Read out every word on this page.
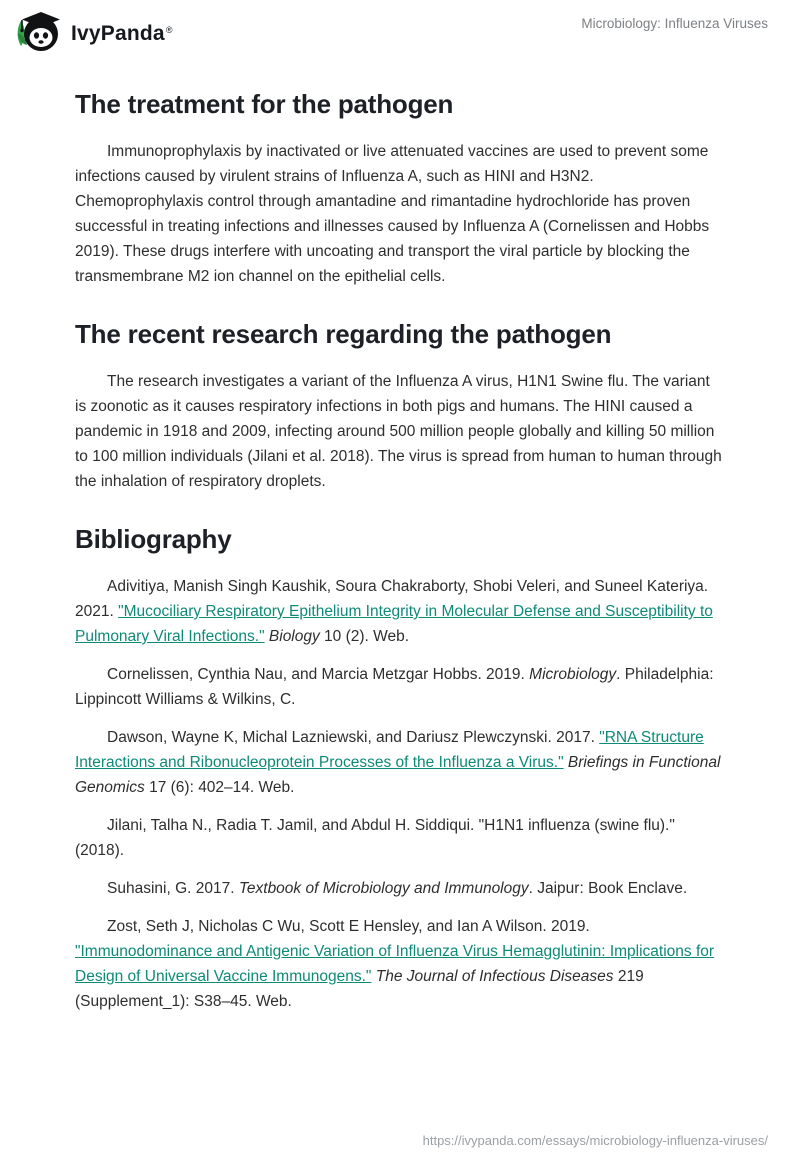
IvyPanda®	Microbiology: Influenza Viruses
The treatment for the pathogen

Immunoprophylaxis by inactivated or live attenuated vaccines are used to prevent some infections caused by virulent strains of Influenza A, such as HINI and H3N2. Chemoprophylaxis control through amantadine and rimantadine hydrochloride has proven successful in treating infections and illnesses caused by Influenza A (Cornelissen and Hobbs 2019). These drugs interfere with uncoating and transport the viral particle by blocking the transmembrane M2 ion channel on the epithelial cells.

The recent research regarding the pathogen

The research investigates a variant of the Influenza A virus, H1N1 Swine flu. The variant is zoonotic as it causes respiratory infections in both pigs and humans. The HINI caused a pandemic in 1918 and 2009, infecting around 500 million people globally and killing 50 million to 100 million individuals (Jilani et al. 2018). The virus is spread from human to human through the inhalation of respiratory droplets.

Bibliography

Adivitiya, Manish Singh Kaushik, Soura Chakraborty, Shobi Veleri, and Suneel Kateriya. 2021. "Mucociliary Respiratory Epithelium Integrity in Molecular Defense and Susceptibility to Pulmonary Viral Infections." Biology 10 (2). Web.

Cornelissen, Cynthia Nau, and Marcia Metzgar Hobbs. 2019. Microbiology. Philadelphia: Lippincott Williams & Wilkins, C.

Dawson, Wayne K, Michal Lazniewski, and Dariusz Plewczynski. 2017. "RNA Structure Interactions and Ribonucleoprotein Processes of the Influenza a Virus." Briefings in Functional Genomics 17 (6): 402–14. Web.

Jilani, Talha N., Radia T. Jamil, and Abdul H. Siddiqui. "H1N1 influenza (swine flu)." (2018).

Suhasini, G. 2017. Textbook of Microbiology and Immunology. Jaipur: Book Enclave.

Zost, Seth J, Nicholas C Wu, Scott E Hensley, and Ian A Wilson. 2019. "Immunodominance and Antigenic Variation of Influenza Virus Hemagglutinin: Implications for Design of Universal Vaccine Immunogens." The Journal of Infectious Diseases 219 (Supplement_1): S38–45. Web.

https://ivypanda.com/essays/microbiology-influenza-viruses/
